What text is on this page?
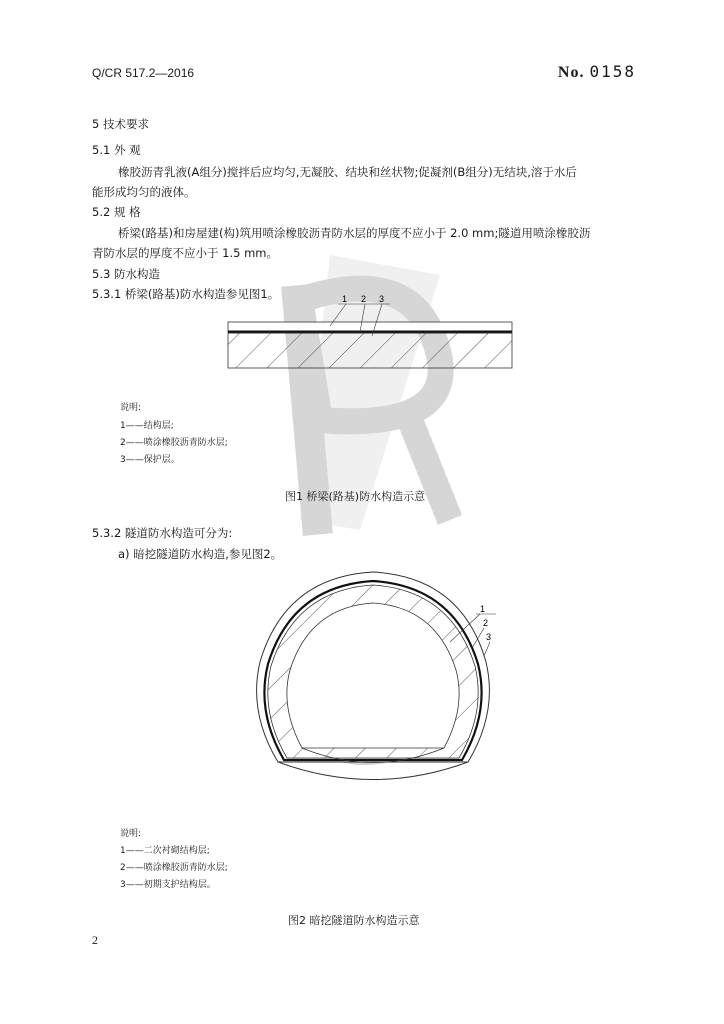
Q/CR 517.2—2016	No. 0158
5 技术要求
5.1 外 观
橡胶沥青乳液(A组分)搅拌后应均匀,无凝胶、结块和丝状物;促凝剂(B组分)无结块,溶于水后
能形成均匀的液体。
5.2 规 格
桥梁(路基)和房屋建(构)筑用喷涂橡胶沥青防水层的厚度不应小于 2.0 mm;隧道用喷涂橡胶沥
青防水层的厚度不应小于 1.5 mm。
5.3 防水构造
5.3.1 桥梁(路基)防水构造参见图1。	1 2 3
说明:
1——结构层;
2——喷涂橡胶沥青防水层;
3——保护层。
图1 桥梁(路基)防水构造示意
5.3.2 隧道防水构造可分为:
a) 暗挖隧道防水构造,参见图2。
1
2
3
说明:
1——二次衬砌结构层;
2——喷涂橡胶沥青防水层;
3——初期支护结构层。
图2 暗挖隧道防水构造示意
2
